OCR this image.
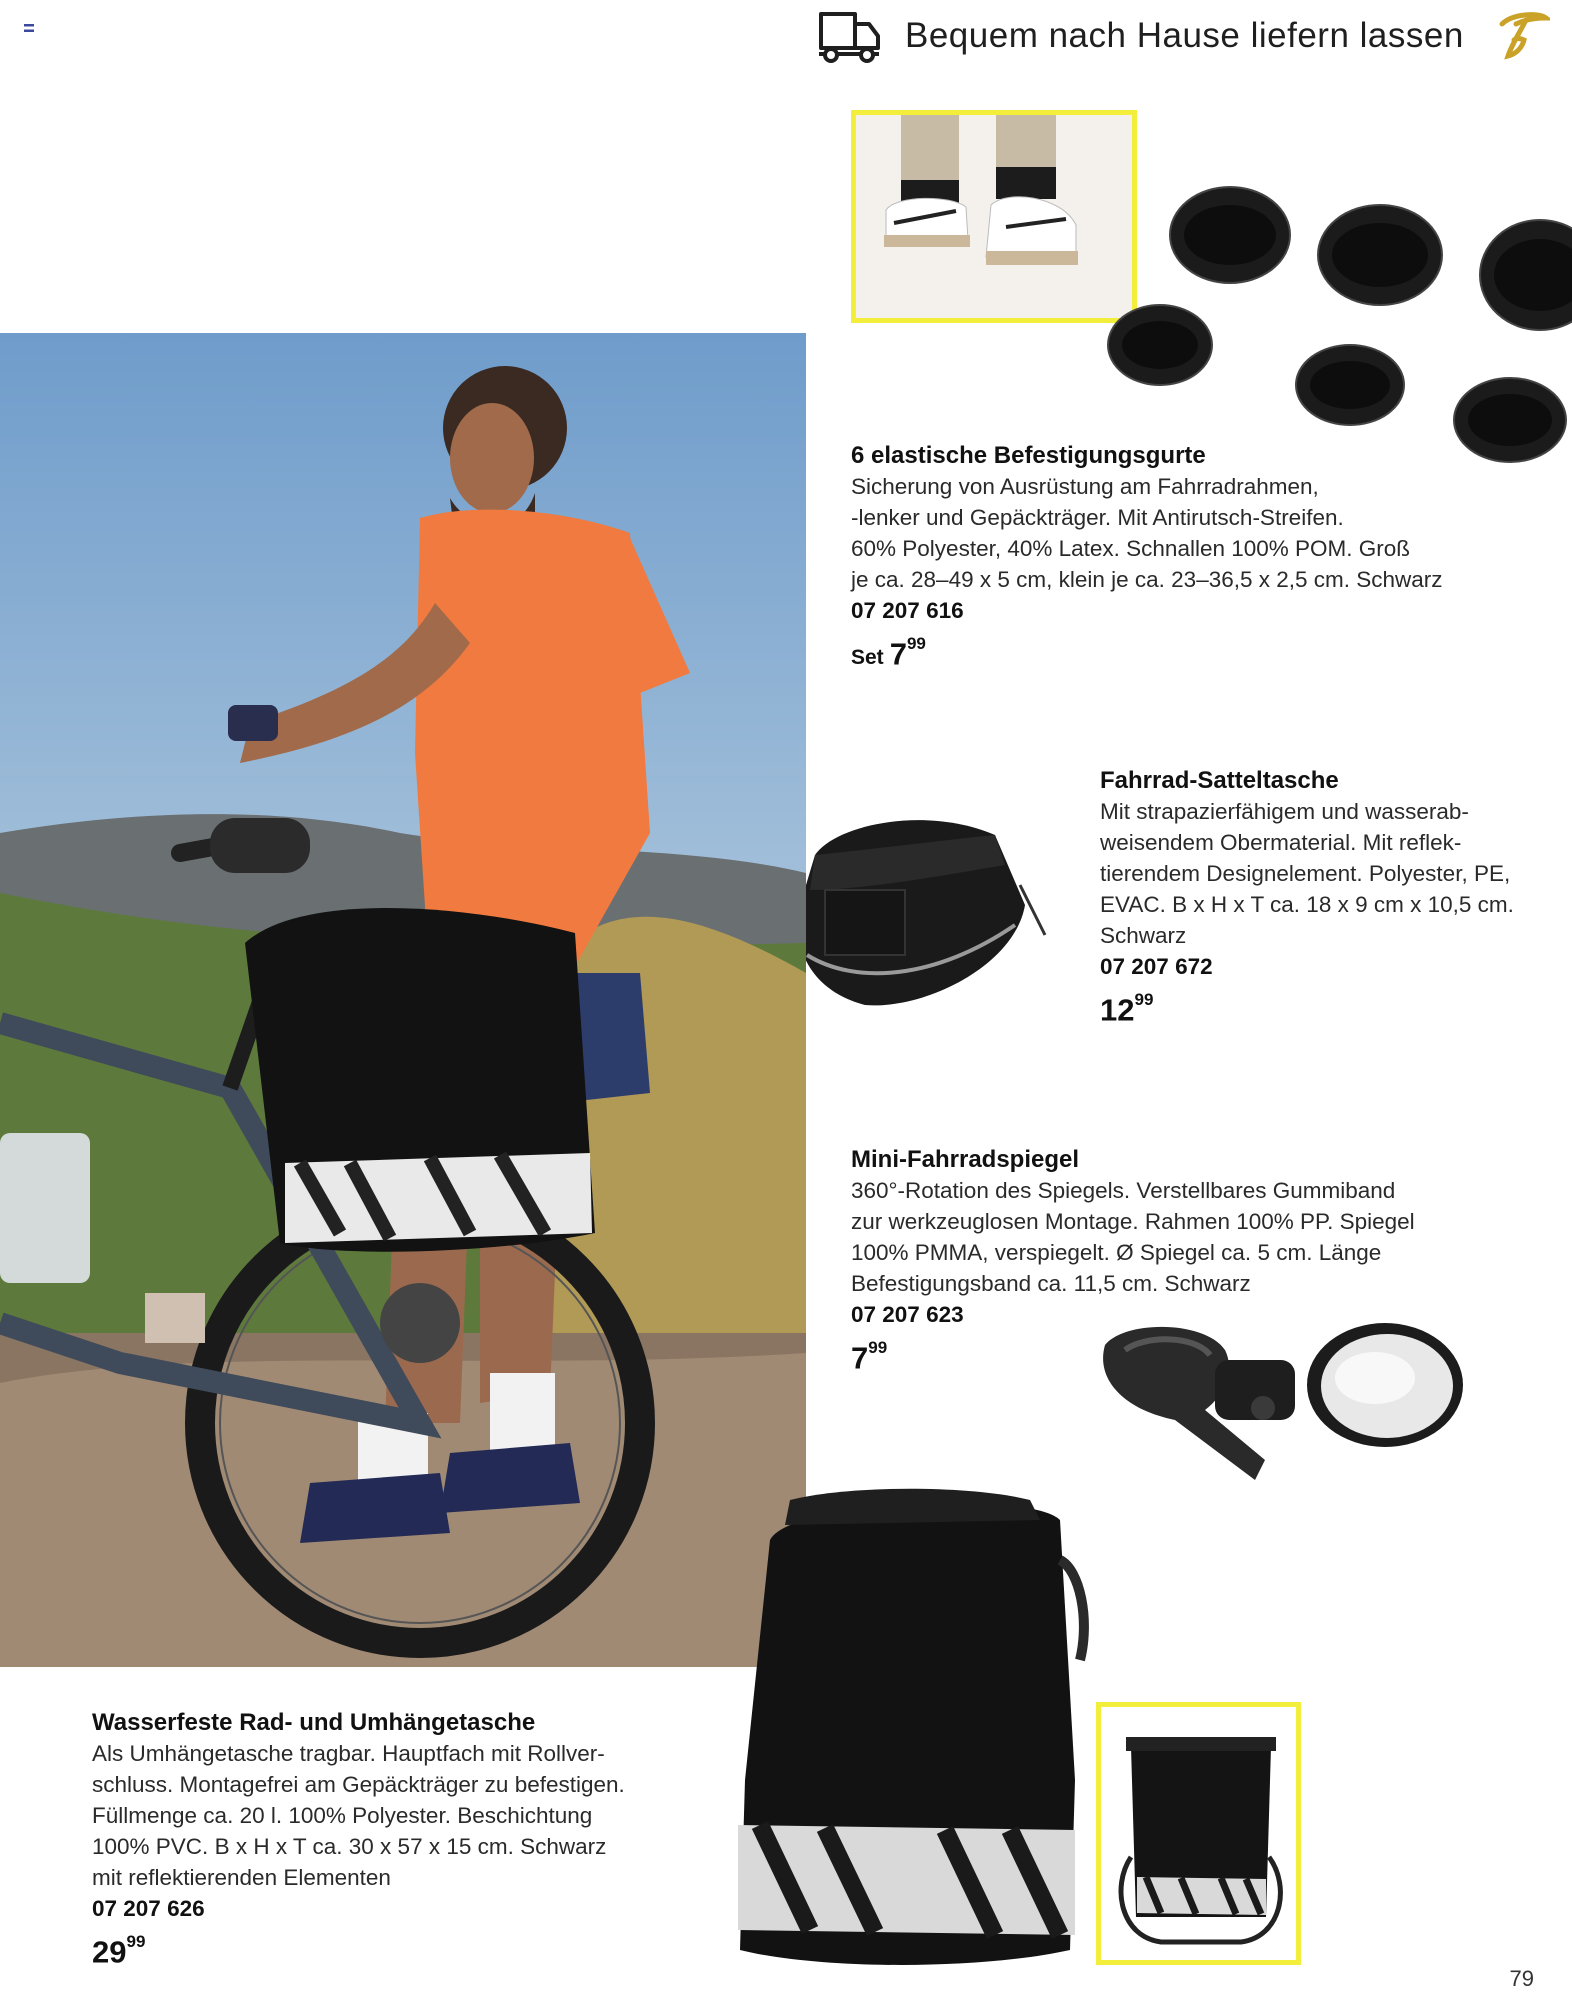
Bequem nach Hause liefern lassen
6 elastische Befestigungsgurte
Sicherung von Ausrüstung am Fahrradrahmen,
-lenker und Gepäckträger. Mit Antirutsch-Streifen.
60% Polyester, 40% Latex. Schnallen 100% POM. Groß
je ca. 28–49 x 5 cm, klein je ca. 23–36,5 x 2,5 cm. Schwarz
07 207 616
Set $7^{99}$
Fahrrad-Satteltasche
Mit strapazierfähigem und wasserab-
weisendem Obermaterial. Mit reflek-
tierendem Designelement. Polyester, PE,
EVAC. B x H x T ca. 18 x 9 cm x 10,5 cm.
Schwarz
07 207 672
$12^{99}$
Mini-Fahrradspiegel
360°-Rotation des Spiegels. Verstellbares Gummiband
zur werkzeuglosen Montage. Rahmen 100% PP. Spiegel
100% PMMA, verspiegelt. Ø Spiegel ca. 5 cm. Länge
Befestigungsband ca. 11,5 cm. Schwarz
07 207 623
$7^{99}$
Wasserfeste Rad- und Umhängetasche
Als Umhängetasche tragbar. Hauptfach mit Rollver-
schluss. Montagefrei am Gepäckträger zu befestigen.
Füllmenge ca. 20 l. 100% Polyester. Beschichtung
100% PVC. B x H x T ca. 30 x 57 x 15 cm. Schwarz
mit reflektierenden Elementen
07 207 626
$29^{99}$
79
